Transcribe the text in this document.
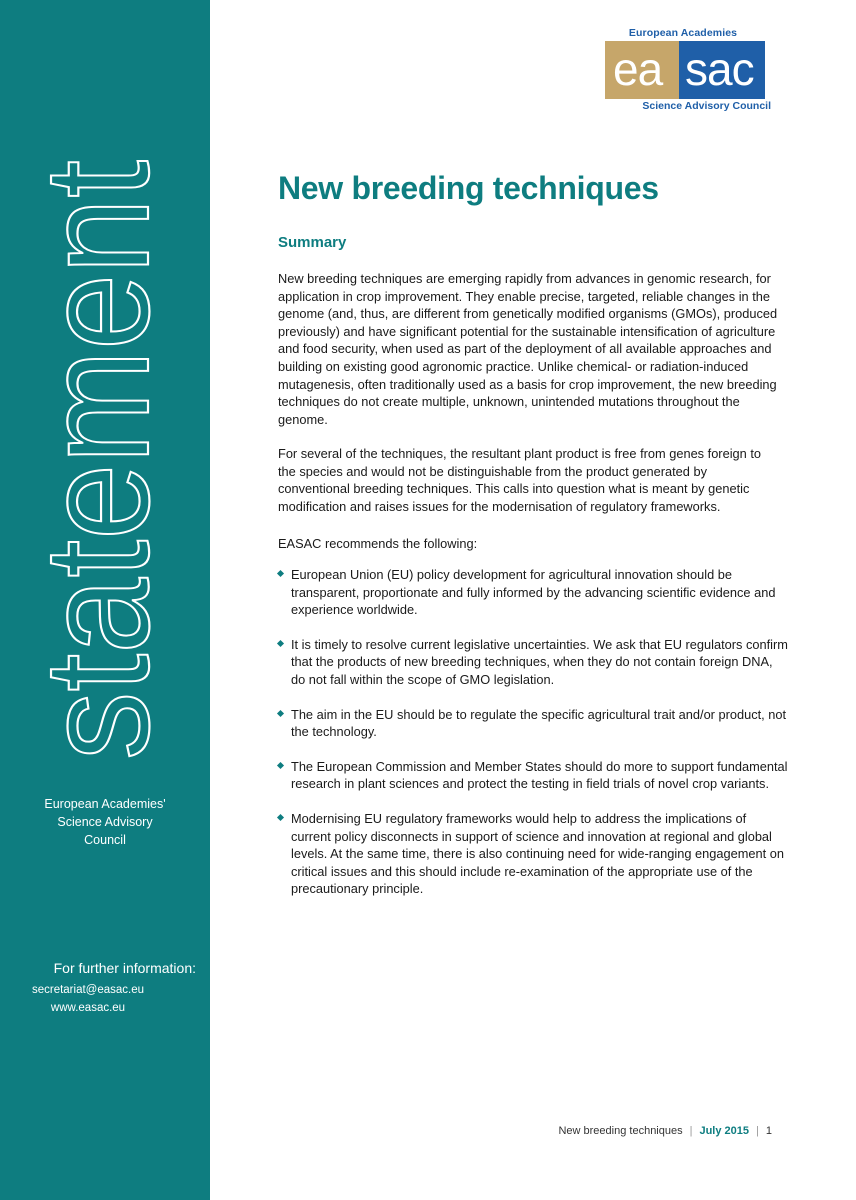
statement
European Academies'
Science Advisory
Council
For further information:
secretariat@easac.eu
www.easac.eu
European Academies
ea sac
Science Advisory Council
New breeding techniques
Summary
New breeding techniques are emerging rapidly from advances in genomic research, for application in crop improvement. They enable precise, targeted, reliable changes in the genome (and, thus, are different from genetically modified organisms (GMOs), produced previously) and have significant potential for the sustainable intensification of agriculture and food security, when used as part of the deployment of all available approaches and building on existing good agronomic practice. Unlike chemical- or radiation-induced mutagenesis, often traditionally used as a basis for crop improvement, the new breeding techniques do not create multiple, unknown, unintended mutations throughout the genome.
For several of the techniques, the resultant plant product is free from genes foreign to the species and would not be distinguishable from the product generated by conventional breeding techniques. This calls into question what is meant by genetic modification and raises issues for the modernisation of regulatory frameworks.
EASAC recommends the following:
European Union (EU) policy development for agricultural innovation should be transparent, proportionate and fully informed by the advancing scientific evidence and experience worldwide.
It is timely to resolve current legislative uncertainties. We ask that EU regulators confirm that the products of new breeding techniques, when they do not contain foreign DNA, do not fall within the scope of GMO legislation.
The aim in the EU should be to regulate the specific agricultural trait and/or product, not the technology.
The European Commission and Member States should do more to support fundamental research in plant sciences and protect the testing in field trials of novel crop variants.
Modernising EU regulatory frameworks would help to address the implications of current policy disconnects in support of science and innovation at regional and global levels. At the same time, there is also continuing need for wide-ranging engagement on critical issues and this should include re-examination of the appropriate use of the precautionary principle.
New breeding techniques | July 2015 | 1
